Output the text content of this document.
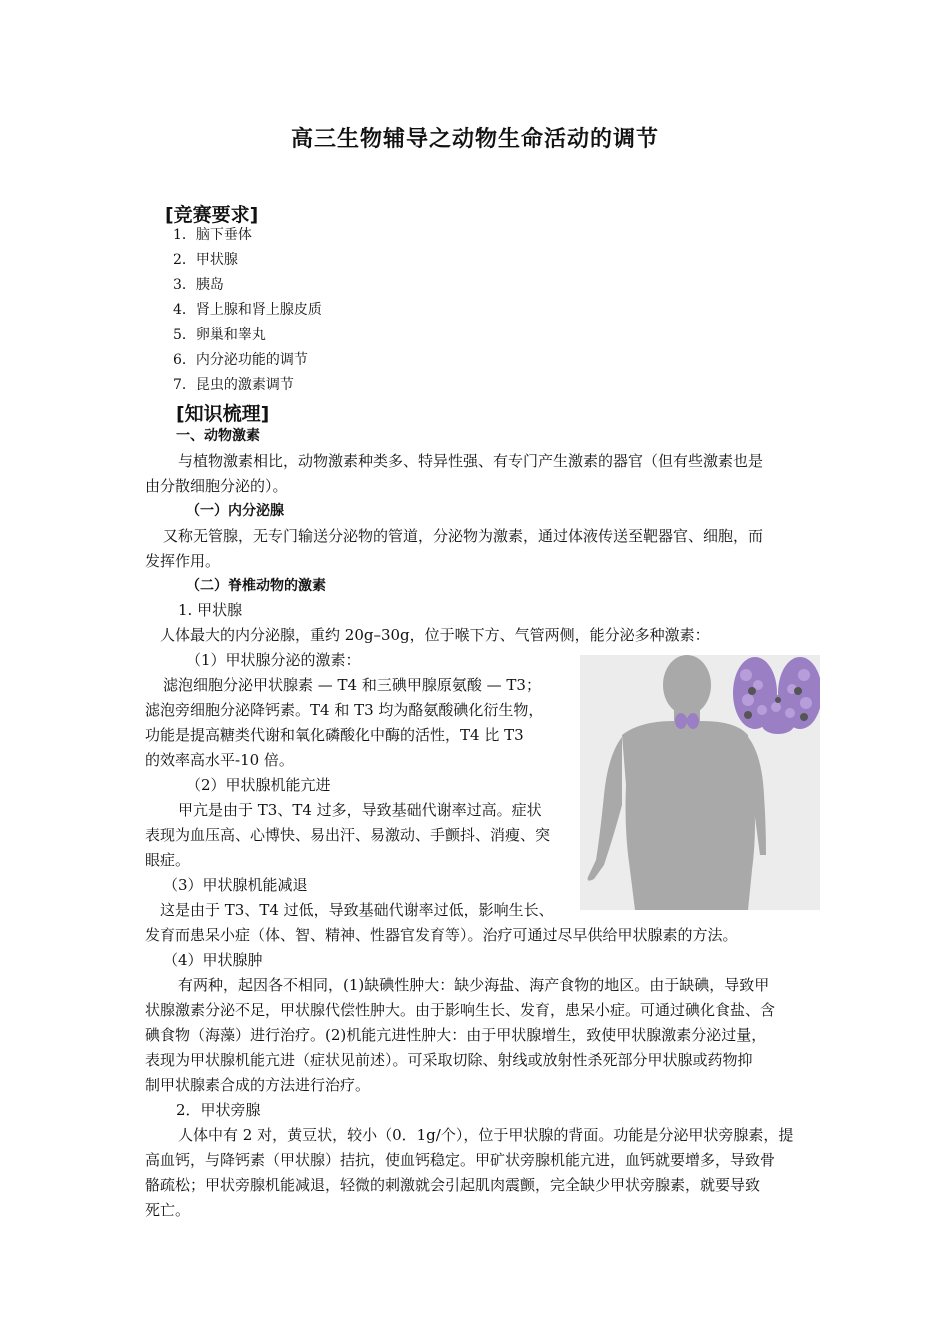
高三生物辅导之动物生命活动的调节
[竞赛要求]
1．脑下垂体
2．甲状腺
3．胰岛
4．肾上腺和肾上腺皮质
5．卵巢和睾丸
6．内分泌功能的调节
7．昆虫的激素调节
[知识梳理]
一、动物激素
与植物激素相比，动物激素种类多、特异性强、有专门产生激素的器官（但有些激素也是
由分散细胞分泌的）。
（一）内分泌腺
又称无管腺，无专门输送分泌物的管道，分泌物为激素，通过体液传送至靶器官、细胞，而
发挥作用。
（二）脊椎动物的激素
1. 甲状腺
人体最大的内分泌腺，重约 20g–30g，位于喉下方、气管两侧，能分泌多种激素：
（1）甲状腺分泌的激素：
滤泡细胞分泌甲状腺素 — T4 和三碘甲腺原氨酸 — T3；
滤泡旁细胞分泌降钙素。T4 和 T3 均为酪氨酸碘化衍生物，
功能是提高糖类代谢和氧化磷酸化中酶的活性，T4 比 T3
的效率高水平-10 倍。
（2）甲状腺机能亢进
甲亢是由于 T3、T4 过多，导致基础代谢率过高。症状
表现为血压高、心博快、易出汗、易激动、手颤抖、消瘦、突
眼症。
（3）甲状腺机能减退
这是由于 T3、T4 过低，导致基础代谢率过低，影响生长、
发育而患呆小症（体、智、精神、性器官发育等）。治疗可通过尽早供给甲状腺素的方法。
（4）甲状腺肿
有两种，起因各不相同，(1)缺碘性肿大：缺少海盐、海产食物的地区。由于缺碘，导致甲
状腺激素分泌不足，甲状腺代偿性肿大。由于影响生长、发育，患呆小症。可通过碘化食盐、含
碘食物（海藻）进行治疗。(2)机能亢进性肿大：由于甲状腺增生，致使甲状腺激素分泌过量，
表现为甲状腺机能亢进（症状见前述）。可采取切除、射线或放射性杀死部分甲状腺或药物抑
制甲状腺素合成的方法进行治疗。
2．甲状旁腺
人体中有 2 对，黄豆状，较小（0．1g/个），位于甲状腺的背面。功能是分泌甲状旁腺素，提
高血钙，与降钙素（甲状腺）拮抗，使血钙稳定。甲矿状旁腺机能亢进，血钙就要增多，导致骨
骼疏松；甲状旁腺机能减退，轻微的刺激就会引起肌肉震颤，完全缺少甲状旁腺素，就要导致
死亡。
